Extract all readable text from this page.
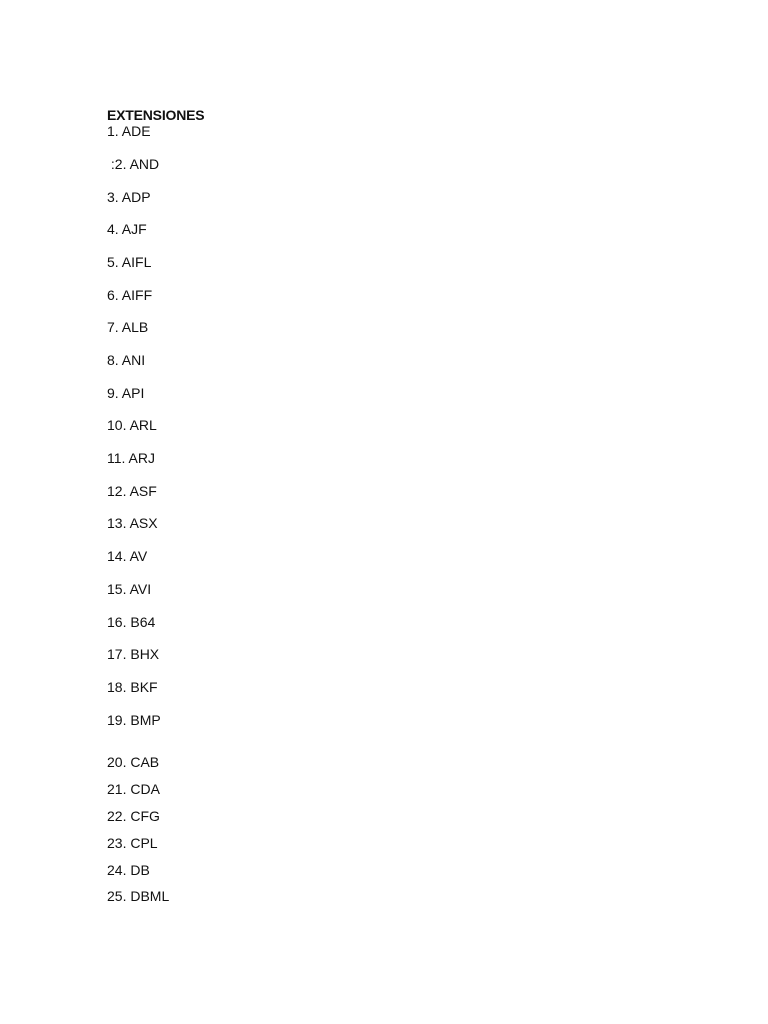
EXTENSIONES
1. ADE
:2. AND
3. ADP
4. AJF
5. AIFL
6. AIFF
7. ALB
8. ANI
9. API
10. ARL
11. ARJ
12. ASF
13. ASX
14. AV
15. AVI
16. B64
17. BHX
18. BKF
19. BMP
20. CAB
21. CDA
22. CFG
23. CPL
24. DB
25. DBML
